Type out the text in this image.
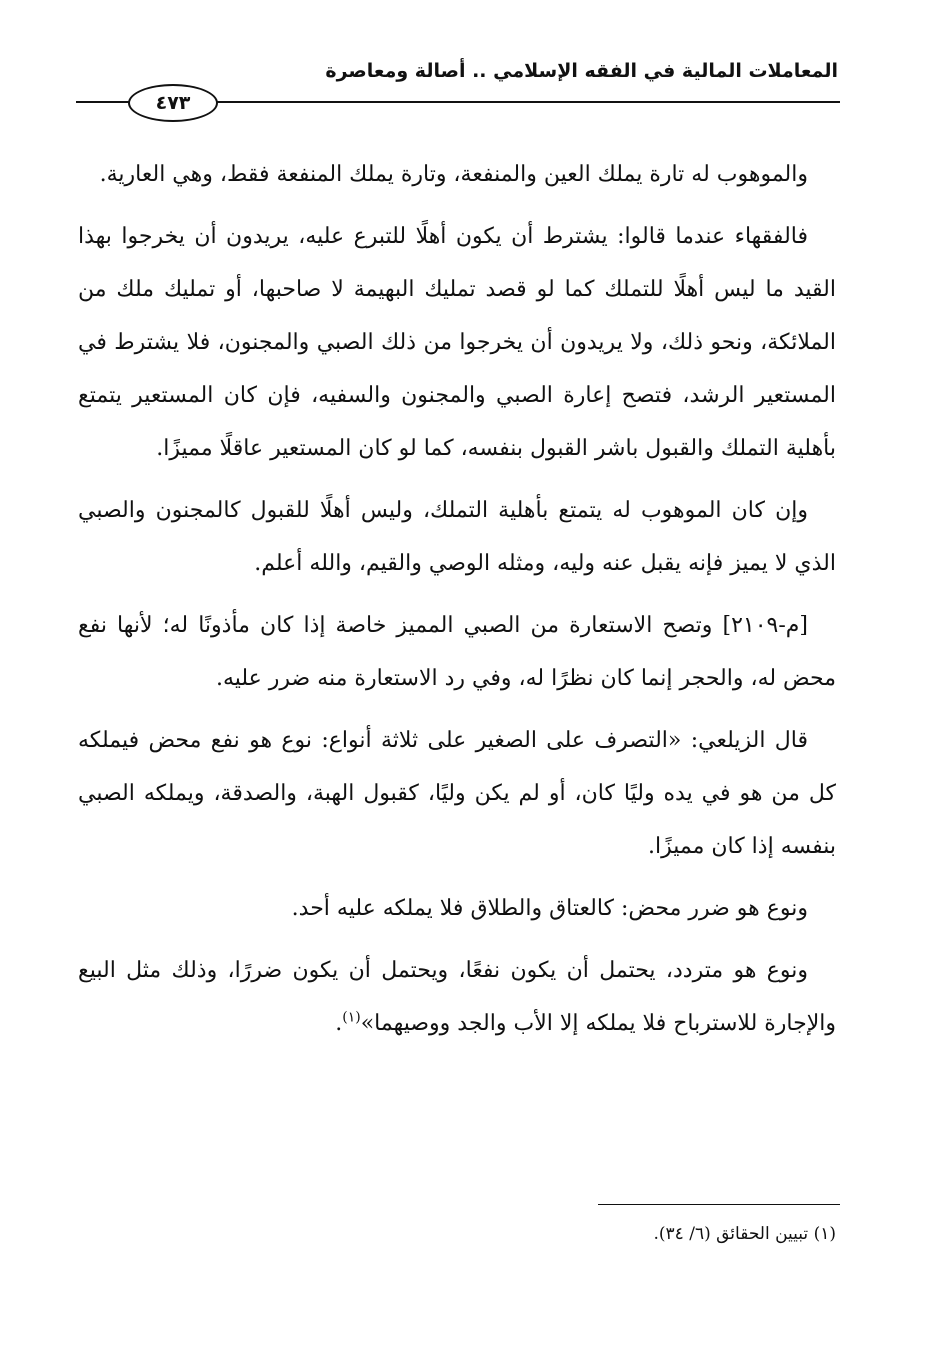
المعاملات المالية في الفقه الإسلامي .. أصالة ومعاصرة
٤٧٣

والموهوب له تارة يملك العين والمنفعة، وتارة يملك المنفعة فقط، وهي العارية.

فالفقهاء عندما قالوا: يشترط أن يكون أهلًا للتبرع عليه، يريدون أن يخرجوا بهذا القيد ما ليس أهلًا للتملك كما لو قصد تمليك البهيمة لا صاحبها، أو تمليك ملك من الملائكة، ونحو ذلك، ولا يريدون أن يخرجوا من ذلك الصبي والمجنون، فلا يشترط في المستعير الرشد، فتصح إعارة الصبي والمجنون والسفيه، فإن كان المستعير يتمتع بأهلية التملك والقبول باشر القبول بنفسه، كما لو كان المستعير عاقلًا مميزًا.

وإن كان الموهوب له يتمتع بأهلية التملك، وليس أهلًا للقبول كالمجنون والصبي الذي لا يميز فإنه يقبل عنه وليه، ومثله الوصي والقيم، والله أعلم.

[م-٢١٠٩] وتصح الاستعارة من الصبي المميز خاصة إذا كان مأذونًا له؛ لأنها نفع محض له، والحجر إنما كان نظرًا له، وفي رد الاستعارة منه ضرر عليه.

قال الزيلعي: «التصرف على الصغير على ثلاثة أنواع: نوع هو نفع محض فيملكه كل من هو في يده وليًا كان، أو لم يكن وليًا، كقبول الهبة، والصدقة، ويملكه الصبي بنفسه إذا كان مميزًا.

ونوع هو ضرر محض: كالعتاق والطلاق فلا يملكه عليه أحد.

ونوع هو متردد، يحتمل أن يكون نفعًا، ويحتمل أن يكون ضررًا، وذلك مثل البيع والإجارة للاسترباح فلا يملكه إلا الأب والجد ووصيهما»$^{(١)}$.

(١) تبيين الحقائق (٦/ ٣٤).
